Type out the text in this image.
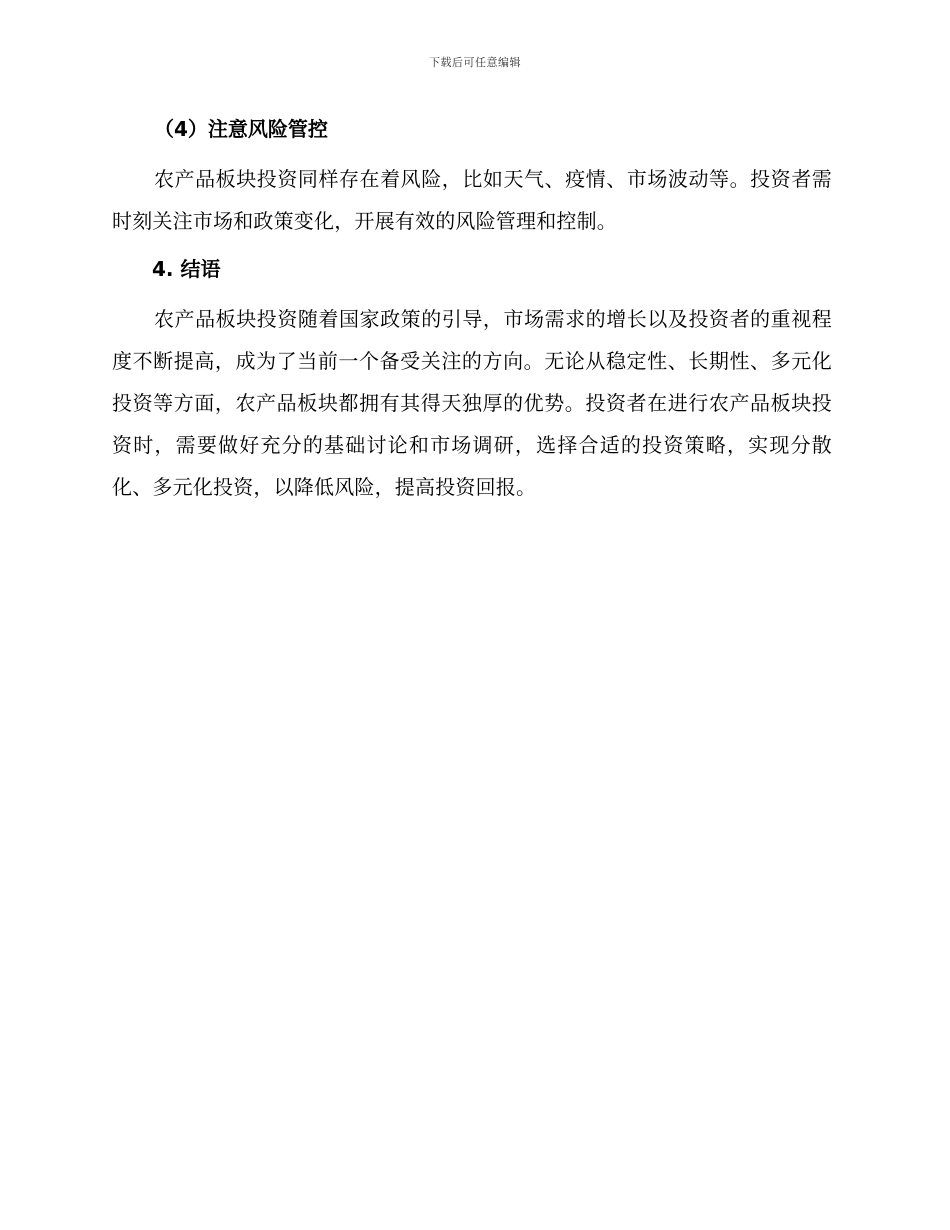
下载后可任意编辑
（4）注意风险管控

农产品板块投资同样存在着风险，比如天气、疫情、市场波动等。投资者需时刻关注市场和政策变化，开展有效的风险管理和控制。

4. 结语

农产品板块投资随着国家政策的引导，市场需求的增长以及投资者的重视程度不断提高，成为了当前一个备受关注的方向。无论从稳定性、长期性、多元化投资等方面，农产品板块都拥有其得天独厚的优势。投资者在进行农产品板块投资时，需要做好充分的基础讨论和市场调研，选择合适的投资策略，实现分散化、多元化投资，以降低风险，提高投资回报。
